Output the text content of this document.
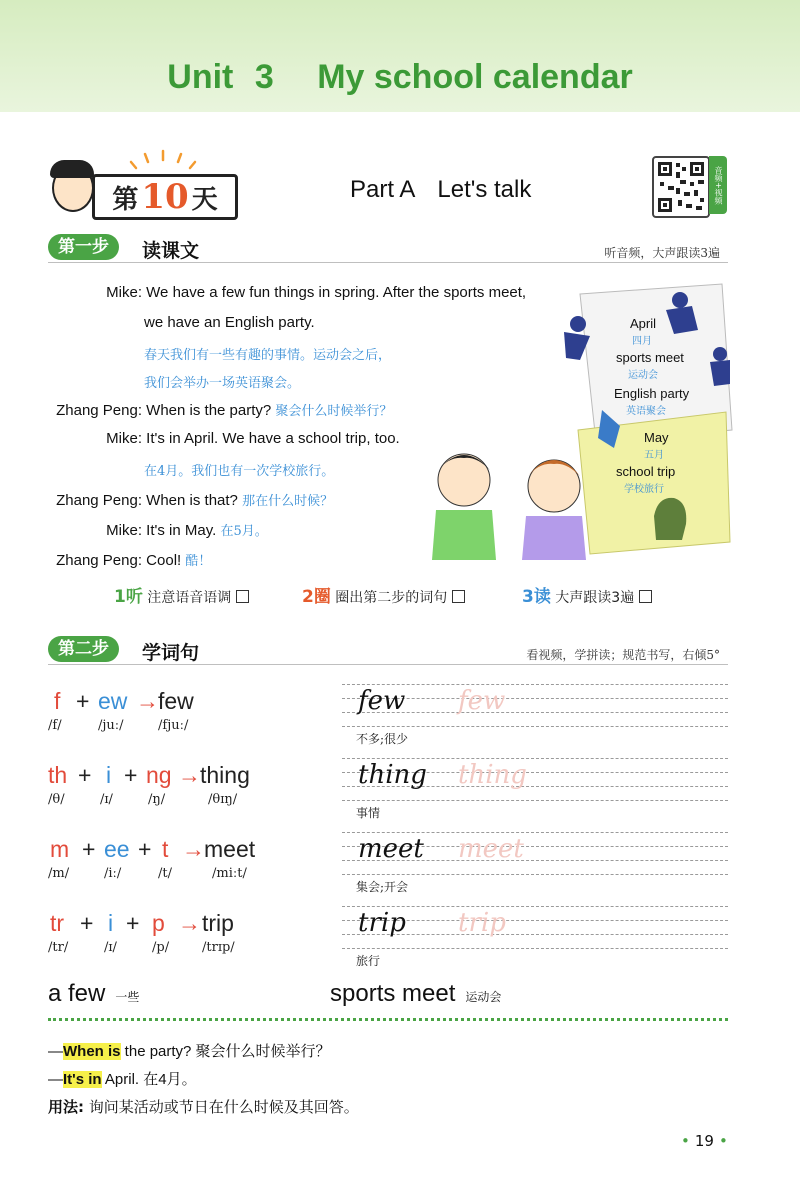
Unit 3 My school calendar
第 10 天	Part A Let's talk	音频+视频
第一步	读课文	听音频，大声跟读3遍
Mike: We have a few fun things in spring. After the sports meet,
we have an English party.
春天我们有一些有趣的事情。运动会之后，
我们会举办一场英语聚会。
Zhang Peng: When is the party? 聚会什么时候举行？
Mike: It's in April. We have a school trip, too.
在4月。我们也有一次学校旅行。
Zhang Peng: When is that? 那在什么时候？
Mike: It's in May. 在5月。
Zhang Peng: Cool! 酷！
April
四月
sports meet
运动会
English party
英语聚会
May
五月
school trip
学校旅行
1听 注意语音语调	2圈 圈出第二步的词句	3读 大声跟读3遍
第二步	学词句	看视频，学拼读；规范书写，右倾5°
f + ew → few
/f/	/juː/	/fjuː/
th + i + ng → thing
/θ/	/ɪ/	/ŋ/	/θɪŋ/
m + ee + t → meet
/m/	/iː/	/t/	/miːt/
tr + i + p → trip
/tr/	/ɪ/	/p/	/trɪp/
few few
不多;很少
thing thing
事情
meet meet
集会;开会
trip trip
旅行
a few 一些	sports meet 运动会
—When is the party? 聚会什么时候举行？
—It's in April. 在4月。
用法: 询问某活动或节日在什么时候及其回答。
• 19 •
